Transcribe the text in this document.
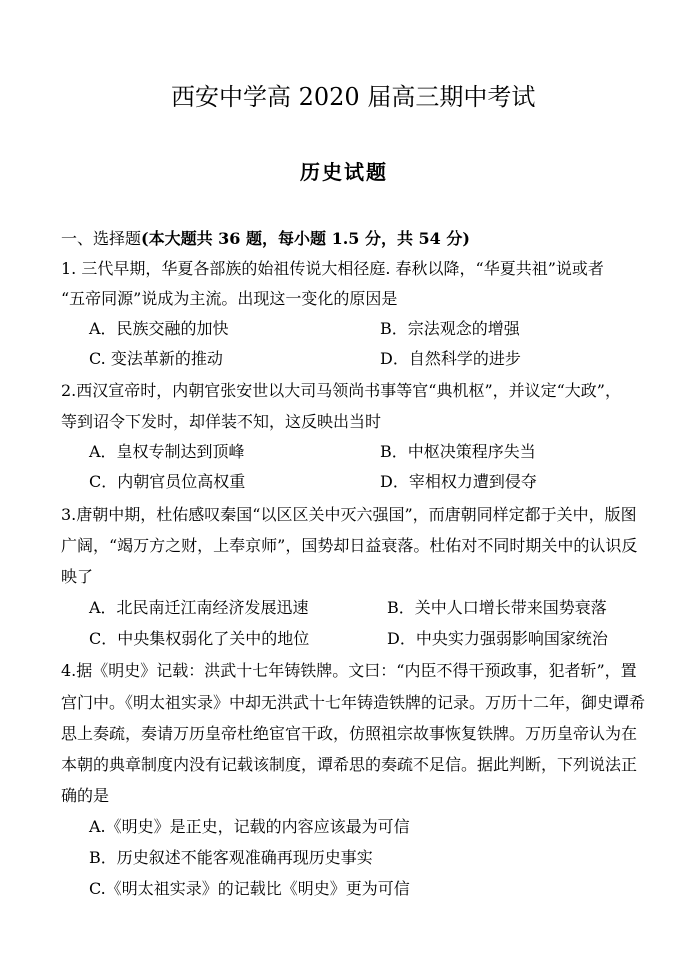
西安中学高 2020 届高三期中考试
历史试题
一、选择题(本大题共 36 题，每小题 1.5 分，共 54 分)
1. 三代早期，华夏各部族的始祖传说大相径庭. 春秋以降，“华夏共祖”说或者
“五帝同源”说成为主流。出现这一变化的原因是
A．民族交融的加快	B．宗法观念的增强
C. 变法革新的推动	D．自然科学的进步
2.西汉宣帝时，内朝官张安世以大司马领尚书事等官“典机枢”，并议定“大政”，
等到诏令下发时，却佯装不知，这反映出当时
A．皇权专制达到顶峰	B．中枢决策程序失当
C．内朝官员位高权重	D．宰相权力遭到侵夺
3.唐朝中期，杜佑感叹秦国“以区区关中灭六强国”，而唐朝同样定都于关中，版图
广阔，“竭万方之财，上奉京师”，国势却日益衰落。杜佑对不同时期关中的认识反
映了
A．北民南迁江南经济发展迅速	B．关中人口增长带来国势衰落
C．中央集权弱化了关中的地位	D．中央实力强弱影响国家统治
4.据《明史》记载：洪武十七年铸铁牌。文曰：“内臣不得干预政事，犯者斩”，置
宫门中。《明太祖实录》中却无洪武十七年铸造铁牌的记录。万历十二年，御史谭希
思上奏疏，奏请万历皇帝杜绝宦官干政，仿照祖宗故事恢复铁牌。万历皇帝认为在
本朝的典章制度内没有记载该制度，谭希思的奏疏不足信。据此判断，下列说法正
确的是
A.《明史》是正史，记载的内容应该最为可信
B．历史叙述不能客观准确再现历史事实
C.《明太祖实录》的记载比《明史》更为可信
